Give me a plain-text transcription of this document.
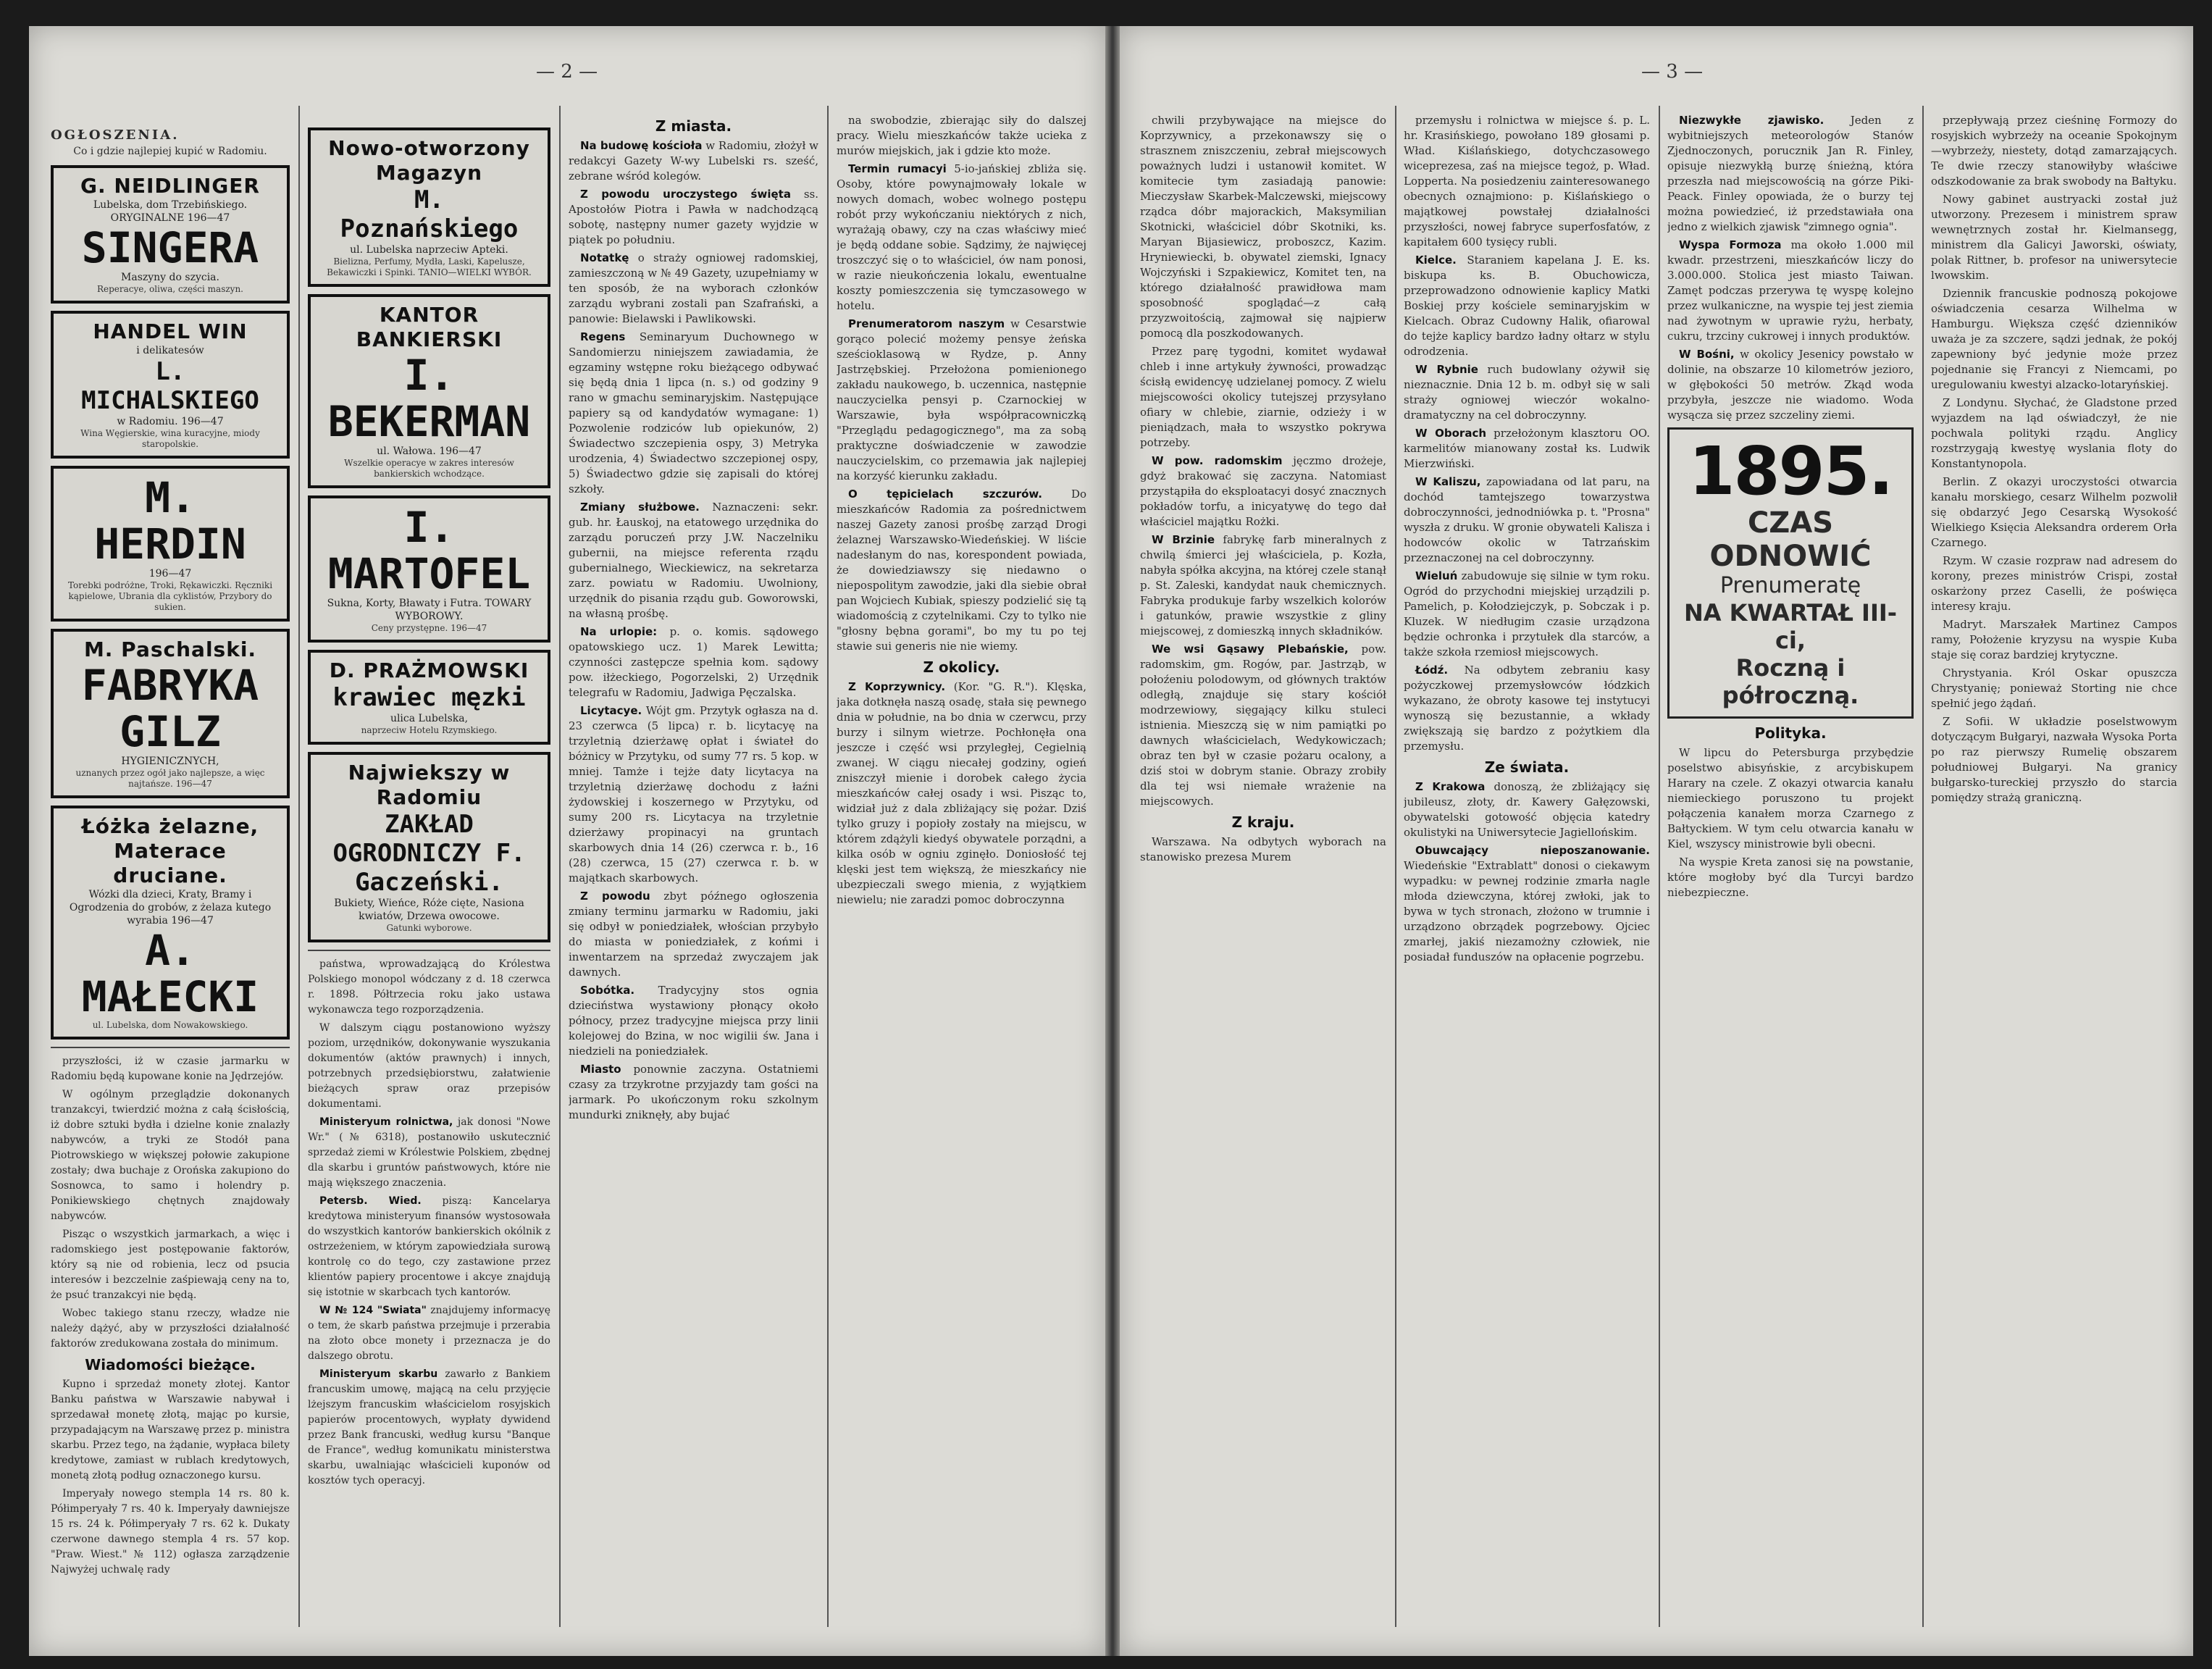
— 2 —
OGŁOSZENIA.
Co i gdzie najlepiej kupić w Radomiu.
G. NEIDLINGER
Lubelska, dom Trzebińskiego.
ORYGINALNE 196—47
SINGERA
Maszyny do szycia.
Reperacye, oliwa, części maszyn.
HANDEL WIN
i delikatesów
L. MICHALSKIEGO
w Radomiu. 196—47
Wina Węgierskie, wina kuracyjne, miody staropolskie.
M. HERDIN
196—47
Torebki podróżne, Troki, Rękawiczki. Ręczniki kąpielowe, Ubrania dla cyklistów, Przybory do sukien.
M. Paschalski.
FABRYKA GILZ
HYGIENICZNYCH,
uznanych przez ogół jako najlepsze, a więc najtańsze. 196—47
Łóżka żelazne, Materace druciane.
Wózki dla dzieci, Kraty, Bramy i Ogrodzenia do grobów, z żelaza kutego wyrabia 196—47
A. MAŁECKI
ul. Lubelska, dom Nowakowskiego.

przyszłości, iż w czasie jarmarku w Radomiu będą kupowane konie na Jędrzejów.

W ogólnym przeglądzie dokonanych tranzakcyi, twierdzić można z całą ścisłością, iż dobre sztuki bydła i dzielne konie znalazły nabywców, a tryki ze Stodół pana Piotrowskiego w większej połowie zakupione zostały; dwa buchaje z Orońska zakupiono do Sosnowca, to samo i holendry p. Ponikiewskiego chętnych znajdowały nabywców.

Pisząc o wszystkich jarmarkach, a więc i radomskiego jest postępowanie faktorów, który są nie od robienia, lecz od psucia interesów i bezczelnie zaśpiewają ceny na to, że psuć tranzakcyi nie będą.

Wobec takiego stanu rzeczy, władze nie należy dążyć, aby w przyszłości działalność faktorów zredukowana została do minimum.

Wiadomości bieżące.

Kupno i sprzedaż monety złotej. Kantor Banku państwa w Warszawie nabywał i sprzedawał monetę złotą, mając po kursie, przypadającym na Warszawę przez p. ministra skarbu. Przez tego, na żądanie, wypłaca bilety kredytowe, zamiast w rublach kredytowych, monetą złotą podług oznaczonego kursu.

Imperyały nowego stempla 14 rs. 80 k. Półimperyały 7 rs. 40 k. Imperyały dawniejsze 15 rs. 24 k. Półimperyały 7 rs. 62 k. Dukaty czerwone dawnego stempla 4 rs. 57 kop. "Praw. Wiest." № 112) ogłasza zarządzenie Najwyżej uchwalę rady

Nowo-otworzony Magazyn
M. Poznańskiego
ul. Lubelska naprzeciw Apteki.
Bielizna, Perfumy, Mydła, Laski, Kapelusze, Bekawiczki i Spinki. TANIO—WIELKI WYBÓR.
KANTOR BANKIERSKI
I. BEKERMAN
ul. Wałowa. 196—47
Wszelkie operacye w zakres interesów bankierskich wchodzące.
I. MARTOFEL
Sukna, Korty, Bławaty i Futra. TOWARY WYBOROWY.
Ceny przystępne. 196—47
D. PRAŻMOWSKI
krawiec męzki
ulica Lubelska,
naprzeciw Hotelu Rzymskiego.
Najwiekszy w Radomiu
ZAKŁAD OGRODNICZY F. Gaczeński.
Bukiety, Wieńce, Róże cięte, Nasiona kwiatów, Drzewa owocowe.
Gatunki wyborowe.

państwa, wprowadzającą do Królestwa Polskiego monopol wódczany z d. 18 czerwca r. 1898. Półtrzecia roku jako ustawa wykonawcza tego rozporządzenia.

W dalszym ciągu postanowiono wyższy poziom, urzędników, dokonywanie wyszukania dokumentów (aktów prawnych) i innych, potrzebnych przedsiębiorstwu, załatwienie bieżących spraw oraz przepisów dokumentami.

Ministeryum rolnictwa, jak donosi "Nowe Wr." (№ 6318), postanowiło uskutecznić sprzedaż ziemi w Królestwie Polskiem, zbędnej dla skarbu i gruntów państwowych, które nie mają większego znaczenia.

Petersb. Wied. piszą: Kancelarya kredytowa ministeryum finansów wystosowała do wszystkich kantorów bankierskich okólnik z ostrzeżeniem, w którym zapowiedziała surową kontrolę co do tego, czy zastawione przez klientów papiery procentowe i akcye znajdują się istotnie w skarbcach tych kantorów.

W № 124 "Swiata" znajdujemy informacyę o tem, że skarb państwa przejmuje i przerabia na złoto obce monety i przeznacza je do dalszego obrotu.

Ministeryum skarbu zawarło z Bankiem francuskim umowę, mającą na celu przyjęcie lżejszym francuskim właścicielom rosyjskich papierów procentowych, wypłaty dywidend przez Bank francuski, według kursu "Banque de France", według komunikatu ministerstwa skarbu, uwalniając właścicieli kuponów od kosztów tych operacyj.

Z miasta.

Na budowę kościoła w Radomiu, złożył w redakcyi Gazety W-wy Lubelski rs. sześć, zebrane wśród kolegów.

Z powodu uroczystego święta ss. Apostołów Piotra i Pawła w nadchodzącą sobotę, następny numer gazety wyjdzie w piątek po południu.

Notatkę o straży ogniowej radomskiej, zamieszczoną w № 49 Gazety, uzupełniamy w ten sposób, że na wyborach członków zarządu wybrani zostali pan Szafrański, a panowie: Bielawski i Pawlikowski.

Regens Seminaryum Duchownego w Sandomierzu niniejszem zawiadamia, że egzaminy wstępne roku bieżącego odbywać się będą dnia 1 lipca (n. s.) od godziny 9 rano w gmachu seminaryjskim. Następujące papiery są od kandydatów wymagane: 1) Pozwolenie rodziców lub opiekunów, 2) Świadectwo szczepienia ospy, 3) Metryka urodzenia, 4) Świadectwo szczepionej ospy, 5) Świadectwo gdzie się zapisali do której szkoły.

Zmiany służbowe. Naznaczeni: sekr. gub. hr. Łauskoj, na etatowego urzędnika do zarządu poruczeń przy J.W. Naczelniku gubernii, na miejsce referenta rządu gubernialnego, Wieckiewicz, na sekretarza zarz. powiatu w Radomiu. Uwolniony, urzędnik do pisania rządu gub. Goworowski, na własną prośbę.

Na urlopie: p. o. komis. sądowego opatowskiego ucz. 1) Marek Lewitta; czynności zastępcze spełnia kom. sądowy pow. iłżeckiego, Pogorzelski, 2) Urzędnik telegrafu w Radomiu, Jadwiga Pęczalska.

Licytacye. Wójt gm. Przytyk ogłasza na d. 23 czerwca (5 lipca) r. b. licytacyę na trzyletnią dzierżawę opłat i świateł do bóżnicy w Przytyku, od sumy 77 rs. 5 kop. w mniej. Tamże i tejże daty licytacya na trzyletnią dzierżawę dochodu z łaźni żydowskiej i koszernego w Przytyku, od sumy 200 rs. Licytacya na trzyletnie dzierżawy propinacyi na gruntach skarbowych dnia 14 (26) czerwca r. b., 16 (28) czerwca, 15 (27) czerwca r. b. w majątkach skarbowych.

Z powodu zbyt późnego ogłoszenia zmiany terminu jarmarku w Radomiu, jaki się odbył w poniedziałek, włościan przybyło do miasta w poniedziałek, z końmi i inwentarzem na sprzedaż zwyczajem jak dawnych.

Sobótka. Tradycyjny stos ognia dzieciństwa wystawiony płonący około północy, przez tradycyjne miejsca przy linii kolejowej do Bzina, w noc wigilii św. Jana i niedzieli na poniedziałek.

Miasto ponownie zaczyna. Ostatniemi czasy za trzykrotne przyjazdy tam gości na jarmark. Po ukończonym roku szkolnym mundurki zniknęły, aby bujać

na swobodzie, zbierając siły do dalszej pracy. Wielu mieszkańców także ucieka z murów miejskich, jak i gdzie kto może.

Termin rumacyi 5-io-jańskiej zbliża się. Osoby, które powynajmowały lokale w nowych domach, wobec wolnego postępu robót przy wykończaniu niektórych z nich, wyrażają obawy, czy na czas właściwy mieć je będą oddane sobie. Sądzimy, że najwięcej troszczyć się o to właściciel, ów nam ponosi, w razie nieukończenia lokalu, ewentualne koszty pomieszczenia się tymczasowego w hotelu.

Prenumeratorom naszym w Cesarstwie gorąco polecić możemy pensye żeńska sześcioklasową w Rydze, p. Anny Jastrzębskiej. Przełożona pomienionego zakładu naukowego, b. uczennica, następnie nauczycielka pensyi p. Czarnockiej w Warszawie, była współpracowniczką "Przeglądu pedagogicznego", ma za sobą praktyczne doświadczenie w zawodzie nauczycielskim, co przemawia jak najlepiej na korzyść kierunku zakładu.

O tępicielach szczurów.	Do mieszkańców Radomia za pośrednictwem naszej Gazety zanosi prośbę zarząd Drogi żelaznej Warszawsko-Wiedeńskiej. W liście nadesłanym do nas, korespondent powiada, że dowiedziawszy się niedawno o niepospolitym zawodzie, jaki dla siebie obrał pan Wojciech Kubiak, spieszy podzielić się tą wiadomością z czytelnikami. Czy to tylko nie "głosny bębna gorami", bo my tu po tej stawie sui generis nie nie wiemy.

Z okolicy.

Z Koprzywnicy. (Kor. "G. R."). Klęska, jaka dotknęła naszą osadę, stała się pewnego dnia w południe, na bo dnia w czerwcu, przy burzy i silnym wietrze. Pochłonęła ona jeszcze i część wsi przyległej, Cegielnią zwanej. W ciągu niecałej godziny, ogień zniszczył mienie i dorobek całego życia mieszkańców całej osady i wsi. Pisząc to, widział już z dala zbliżający się pożar. Dziś tylko gruzy i popioły zostały na miejscu, w którem zdążyli kiedyś obywatele porządni, a kilka osób w ogniu zginęło. Doniosłość tej klęski jest tem większą, że mieszkańcy nie ubezpieczali swego mienia, z wyjątkiem niewielu; nie zaradzi pomoc dobroczynna

— 3 —

chwili przybywające na miejsce do Koprzywnicy, a przekonawszy się o strasznem zniszczeniu, zebrał miejscowych poważnych ludzi i ustanowił komitet. W komitecie tym zasiadają panowie: Mieczysław Skarbek-Malczewski, miejscowy rządca dóbr majorackich, Maksymilian Skotnicki, właściciel dóbr Skotniki, ks. Maryan Bijasiewicz, proboszcz, Kazim. Hryniewiecki, b. obywatel ziemski, Ignacy Wojczyński i Szpakiewicz, Komitet ten, na którego działalność prawidłowa mam sposobność spoglądać—z całą przyzwoitością, zajmował się najpierw pomocą dla poszkodowanych.

Przez parę tygodni, komitet wydawał chleb i inne artykuły żywności, prowadząc ścisłą ewidencyę udzielanej pomocy. Z wielu miejscowości okolicy tutejszej przysyłano ofiary w chlebie, ziarnie, odzieży i w pieniądzach, mała to wszystko pokrywa potrzeby.

W pow. radomskim jęczmo drożeje, gdyż brakować się zaczyna. Natomiast przystąpiła do eksploatacyi dosyć znacznych pokładów torfu, a inicyatywę do tego dał właściciel majątku Rożki.

W Brzinie fabrykę farb mineralnych z chwilą śmierci jej właściciela, p. Kozła, nabyła spółka akcyjna, na której czele stanął p. St. Zaleski, kandydat nauk chemicznych. Fabryka produkuje farby wszelkich kolorów i gatunków, prawie wszystkie z gliny miejscowej, z domieszką innych składników.

We wsi Gąsawy Plebańskie, pow. radomskim, gm. Rogów, par. Jastrząb, w połoźeniu polodowym, od głównych traktów odległą, znajduje się stary kościół modrzewiowy, sięgający kilku stuleci istnienia. Mieszczą się w nim pamiątki po dawnych właścicielach, Wedykowiczach; obraz ten był w czasie pożaru ocalony, a dziś stoi w dobrym stanie. Obrazy zrobiły dla tej wsi niemałe wrażenie na miejscowych.

Z kraju.

Warszawa. Na odbytych wyborach na stanowisko prezesa Murem

przemysłu i rolnictwa w miejsce ś. p. L. hr. Krasińskiego, powołano 189 głosami p. Wład. Kiślańskiego, dotychczasowego wiceprezesa, zaś na miejsce tegoż, p. Wład. Lopperta. Na posiedzeniu zainteresowanego obecnych oznajmiono: p. Kiślańskiego o majątkowej powstałej działalności przyszłości, nowej fabryce superfosfatów, z kapitałem 600 tysięcy rubli.

Kielce. Staraniem kapelana J. E. ks. biskupa ks. B. Obuchowicza, przeprowadzono odnowienie kaplicy Matki Boskiej przy kościele seminaryjskim w Kielcach. Obraz Cudowny Halik, ofiarowal do tejże kaplicy bardzo ładny ołtarz w stylu odrodzenia.

W Rybnie ruch budowlany ożywił się nieznacznie. Dnia 12 b. m. odbył się w sali straży ogniowej wieczór wokalno-dramatyczny na cel dobroczynny.

W Oborach przełożonym klasztoru OO. karmelitów mianowany został ks. Ludwik Mierzwiński.

W Kaliszu, zapowiadana od lat paru, na dochód tamtejszego towarzystwa dobroczynności, jednodniówka p. t. "Prosna" wyszła z druku. W gronie obywateli Kalisza i hodowców okolic w Tatrzańskim przeznaczonej na cel dobroczynny.

Wieluń zabudowuje się silnie w tym roku. Ogród do przychodni miejskiej urządzili p. Pamelich, p. Kołodziejczyk, p. Sobczak i p. Kluzek. W niedługim czasie urządzona będzie ochronka i przytułek dla starców, a także szkoła rzemiosł miejscowych.

Łódź. Na odbytem zebraniu kasy pożyczkowej przemysłowców łódzkich wykazano, że obroty kasowe tej instytucyi wynoszą się bezustannie, a wkłady zwiększają się bardzo z pożytkiem dla przemysłu.

Ze świata.

Z Krakowa donoszą, że zbliżający się jubileusz, złoty, dr. Kawery Gałęzowski, obywatelski gotowość objęcia katedry okulistyki na Uniwersytecie Jagiellońskim.

Obuwcający nieposzanowanie. Wiedeńskie "Extrablatt" donosi o ciekawym wypadku: w pewnej rodzinie zmarła nagle młoda dziewczyna, której zwłoki, jak to bywa w tych stronach, złożono w trumnie i urządzono obrządek pogrzebowy. Ojciec zmarłej, jakiś niezamożny człowiek, nie posiadał funduszów na opłacenie pogrzebu.

Niezwykłe zjawisko. Jeden z wybitniejszych meteorologów Stanów Zjednoczonych, porucznik Jan R. Finley, opisuje niezwykłą burzę śnieżną, która przeszła nad miejscowością na górze Piki-Peack. Finley opowiada, że o burzy tej można powiedzieć, iż przedstawiała ona jedno z wielkich zjawisk "zimnego ognia".

Wyspa Formoza ma około 1.000 mil kwadr. przestrzeni, mieszkańców liczy do 3.000.000. Stolica jest miasto Taiwan. Zamęt podczas przerywa tę wyspę kolejno przez wulkaniczne, na wyspie tej jest ziemia nad żywotnym w uprawie ryżu, herbaty, cukru, trzciny cukrowej i innych produktów.

W Bośni, w okolicy Jesenicy powstało w dolinie, na obszarze 10 kilometrów jezioro, w głębokości 50 metrów. Zkąd woda przybyła, jeszcze nie wiadomo. Woda wysącza się przez szczeliny ziemi.

1895.
CZAS ODNOWIĆ
Prenumeratę
NA KWARTAŁ III-ci,
Roczną i półroczną.
Polityka.

W lipcu do Petersburga przybędzie poselstwo abisyńskie, z arcybiskupem Harary na czele. Z okazyi otwarcia kanału niemieckiego poruszono tu projekt połączenia kanałem morza Czarnego z Bałtyckiem. W tym celu otwarcia kanału w Kiel, wszyscy ministrowie byli obecni.

Na wyspie Kreta zanosi się na powstanie, które mogłoby być dla Turcyi bardzo niebezpieczne.

przepływają przez cieśninę Formozy do rosyjskich wybrzeży na oceanie Spokojnym—wybrzeży, niestety, dotąd zamarzających. Te dwie rzeczy stanowiłyby właściwe odszkodowanie za brak swobody na Bałtyku.

Nowy gabinet austryacki został już utworzony. Prezesem i ministrem spraw wewnętrznych został hr. Kielmansegg, ministrem dla Galicyi Jaworski, oświaty, polak Rittner, b. profesor na uniwersytecie lwowskim.

Dziennik francuskie podnoszą pokojowe oświadczenia cesarza Wilhelma w Hamburgu. Większa część dzienników uważa je za szczere, sądzi jednak, że pokój zapewniony być jedynie może przez pojednanie się Francyi z Niemcami, po uregulowaniu kwestyi alzacko-lotaryńskiej.

Z Londynu. Słychać, że Gladstone przed wyjazdem na ląd oświadczył, że nie pochwala polityki rządu. Anglicy rozstrzygają kwestyę wyslania floty do Konstantynopola.

Berlin. Z okazyi uroczystości otwarcia kanału morskiego, cesarz Wilhelm pozwolił się obdarzyć Jego Cesarską Wysokość Wielkiego Księcia Aleksandra orderem Orła Czarnego.

Rzym. W czasie rozpraw nad adresem do korony, prezes ministrów Crispi, został oskarżony przez Caselli, że poświęca interesy kraju.

Madryt. Marszałek Martinez Campos ramy, Położenie kryzysu na wyspie Kuba staje się coraz bardziej krytyczne.

Chrystyania. Król Oskar opuszcza Chrystyanię; ponieważ Storting nie chce spełnić jego żądań.

Z Sofii. W układzie poselstwowym dotyczącym Bułgaryi, nazwała Wysoka Porta po raz pierwszy Rumelię obszarem południowej Bułgaryi. Na granicy bułgarsko-tureckiej przyszło do starcia pomiędzy strażą graniczną.
